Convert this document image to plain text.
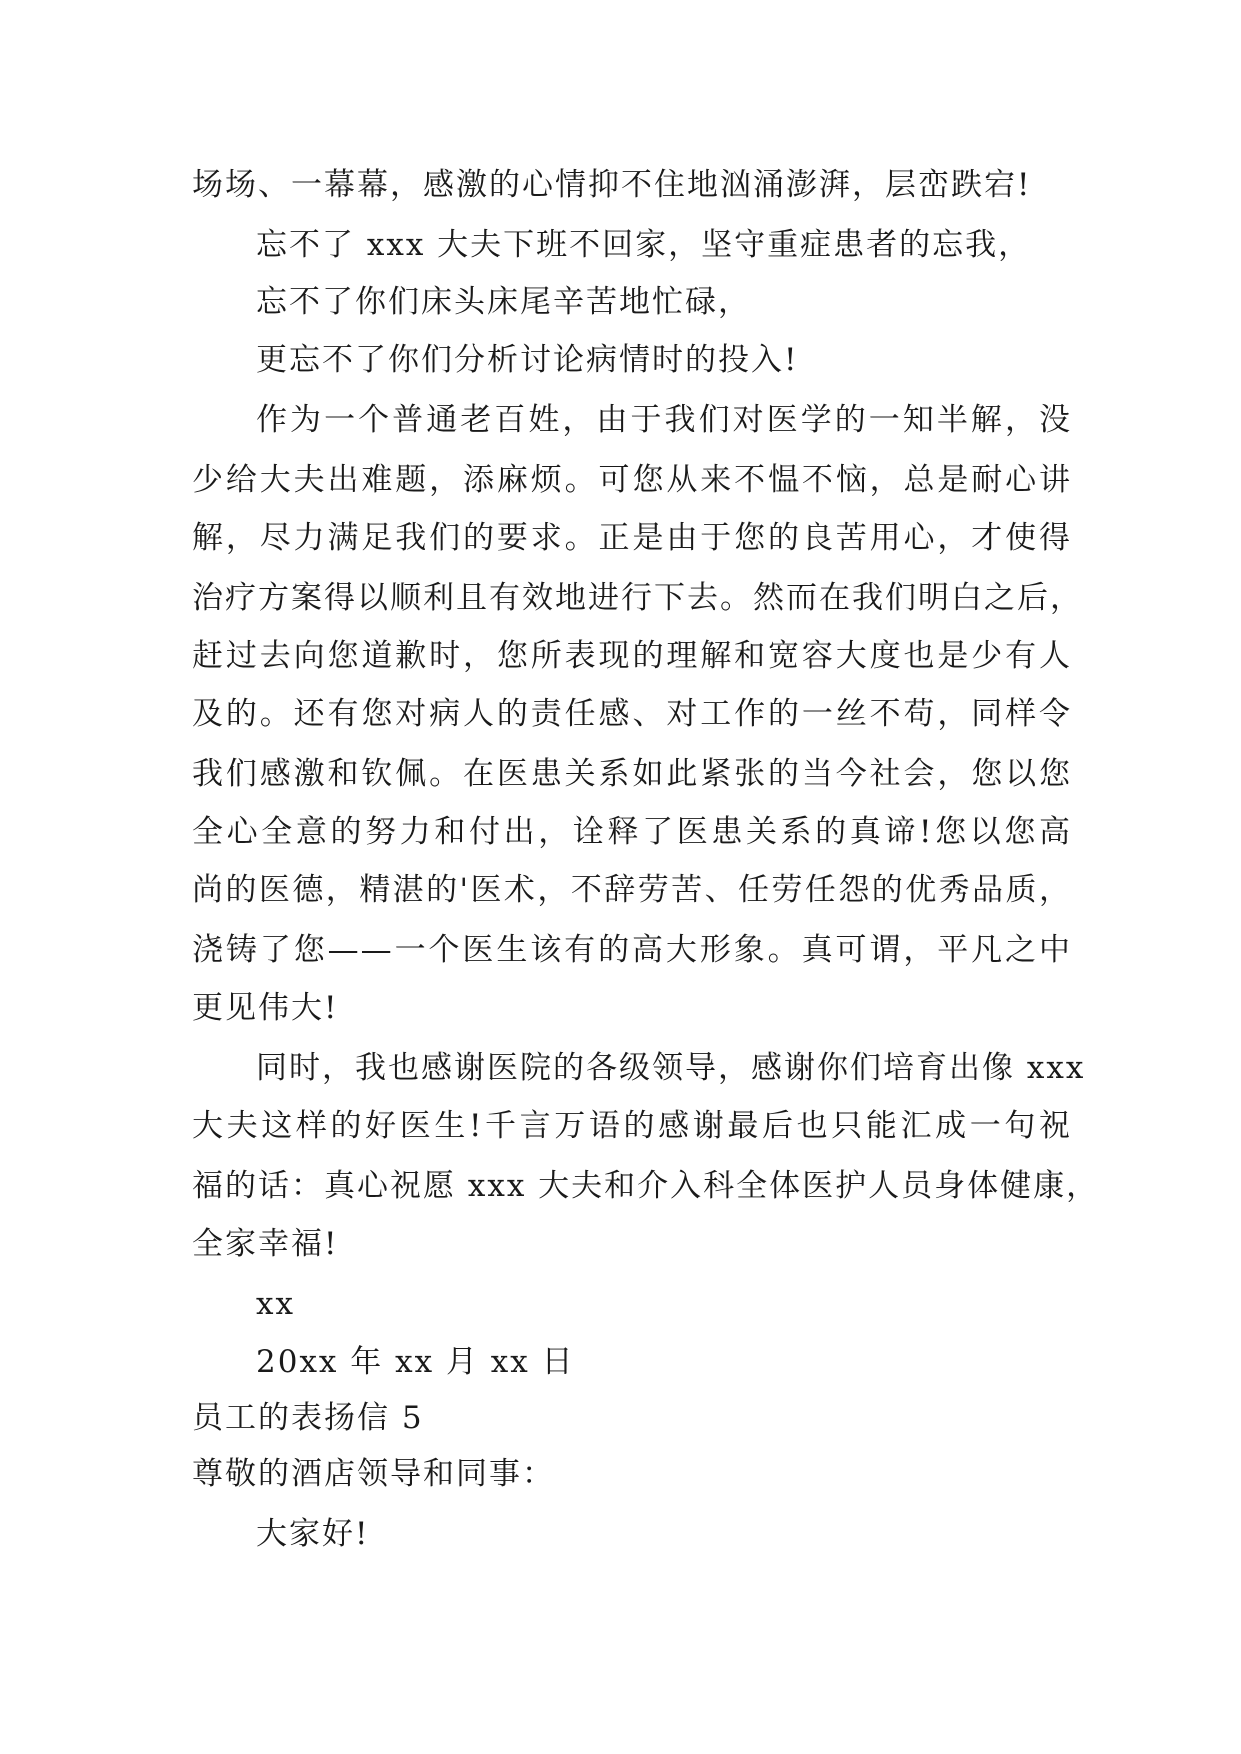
场场、一幕幕，感激的心情抑不住地汹涌澎湃，层峦跌宕!
忘不了 xxx 大夫下班不回家，坚守重症患者的忘我，
忘不了你们床头床尾辛苦地忙碌，
更忘不了你们分析讨论病情时的投入!
作为一个普通老百姓，由于我们对医学的一知半解，没
少给大夫出难题，添麻烦。可您从来不愠不恼，总是耐心讲
解，尽力满足我们的要求。正是由于您的良苦用心，才使得
治疗方案得以顺利且有效地进行下去。然而在我们明白之后，
赶过去向您道歉时，您所表现的理解和宽容大度也是少有人
及的。还有您对病人的责任感、对工作的一丝不苟，同样令
我们感激和钦佩。在医患关系如此紧张的当今社会，您以您
全心全意的努力和付出，诠释了医患关系的真谛!您以您高
尚的医德，精湛的'医术，不辞劳苦、任劳任怨的优秀品质，
浇铸了您——一个医生该有的高大形象。真可谓，平凡之中
更见伟大!
同时，我也感谢医院的各级领导，感谢你们培育出像 xxx
大夫这样的好医生!千言万语的感谢最后也只能汇成一句祝
福的话：真心祝愿 xxx 大夫和介入科全体医护人员身体健康，
全家幸福!
xx
20xx 年 xx 月 xx 日
员工的表扬信 5
尊敬的酒店领导和同事：
大家好!
